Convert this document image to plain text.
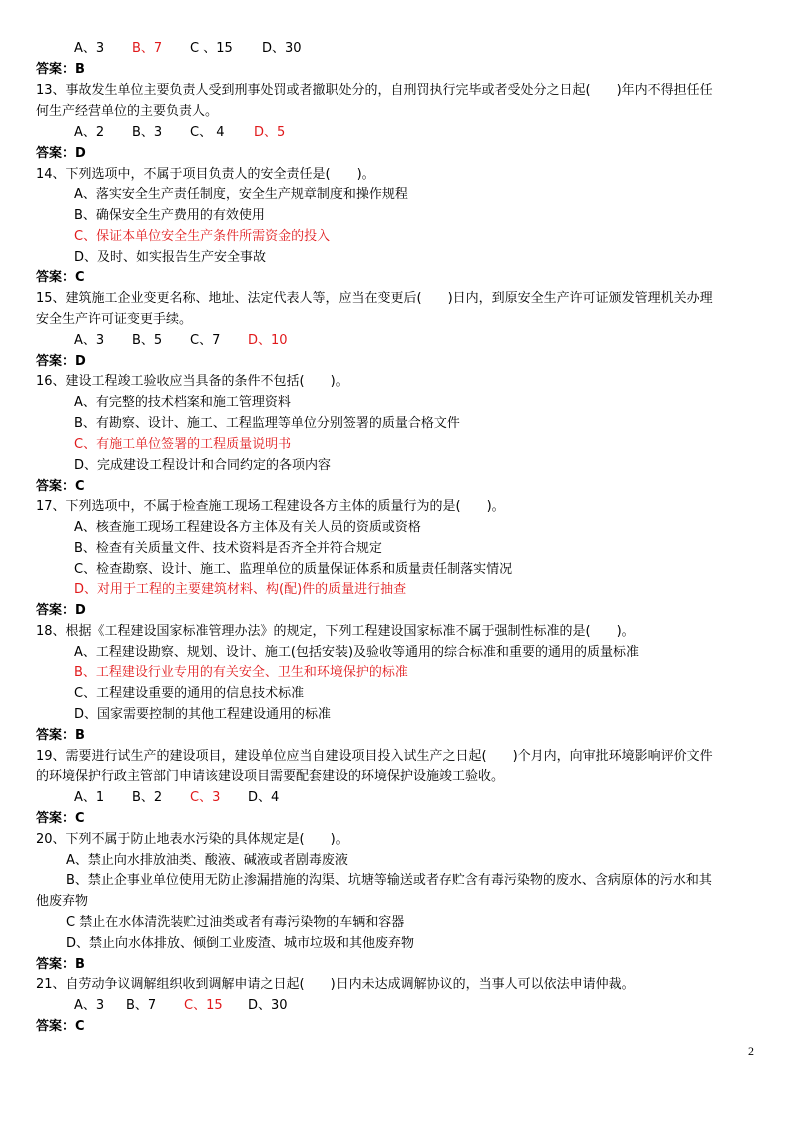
A、3 B、7 C 、15 D、30
答案：B
13、事故发生单位主要负责人受到刑事处罚或者撤职处分的，自刑罚执行完毕或者受处分之日起(　　)年内不得担任任
何生产经营单位的主要负责人。
A、2 B、3 C、 4 D、5
答案：D
14、下列选项中，不属于项目负责人的安全责任是(　　)。
A、落实安全生产责任制度，安全生产规章制度和操作规程
B、确保安全生产费用的有效使用
C、保证本单位安全生产条件所需资金的投入
D、及时、如实报告生产安全事故
答案：C
15、建筑施工企业变更名称、地址、法定代表人等，应当在变更后(　　)日内，到原安全生产许可证颁发管理机关办理
安全生产许可证变更手续。
A、3 B、5 C、7 D、10
答案：D
16、建设工程竣工验收应当具备的条件不包括(　　)。
A、有完整的技术档案和施工管理资料
B、有勘察、设计、施工、工程监理等单位分别签署的质量合格文件
C、有施工单位签署的工程质量说明书
D、完成建设工程设计和合同约定的各项内容
答案：C
17、下列选项中，不属于检查施工现场工程建设各方主体的质量行为的是(　　)。
A、核查施工现场工程建设各方主体及有关人员的资质或资格
B、检查有关质量文件、技术资料是否齐全并符合规定
C、检查勘察、设计、施工、监理单位的质量保证体系和质量责任制落实情况
D、对用于工程的主要建筑材料、构(配)件的质量进行抽查
答案：D
18、根据《工程建设国家标准管理办法》的规定，下列工程建设国家标准不属于强制性标准的是(　　)。
A、工程建设勘察、规划、设计、施工(包括安装)及验收等通用的综合标准和重要的通用的质量标准
B、工程建设行业专用的有关安全、卫生和环境保护的标准
C、工程建设重要的通用的信息技术标准
D、国家需要控制的其他工程建设通用的标准
答案：B
19、需要进行试生产的建设项目，建设单位应当自建设项目投入试生产之日起(　　)个月内，向审批环境影响评价文件
的环境保护行政主管部门申请该建设项目需要配套建设的环境保护设施竣工验收。
A、1 B、2 C、3 D、4
答案：C
20、下列不属于防止地表水污染的具体规定是(　　)。
A、禁止向水排放油类、酸液、碱液或者剧毒废液
B、禁止企事业单位使用无防止渗漏措施的沟渠、坑塘等输送或者存贮含有毒污染物的废水、含病原体的污水和其
他废弃物
C 禁止在水体清洗装贮过油类或者有毒污染物的车辆和容器
D、禁止向水体排放、倾倒工业废渣、城市垃圾和其他废弃物
答案：B
21、自劳动争议调解组织收到调解申请之日起(　　)日内未达成调解协议的，当事人可以依法申请仲裁。
A、3 B、7 C、15 D、30
答案：C
2
